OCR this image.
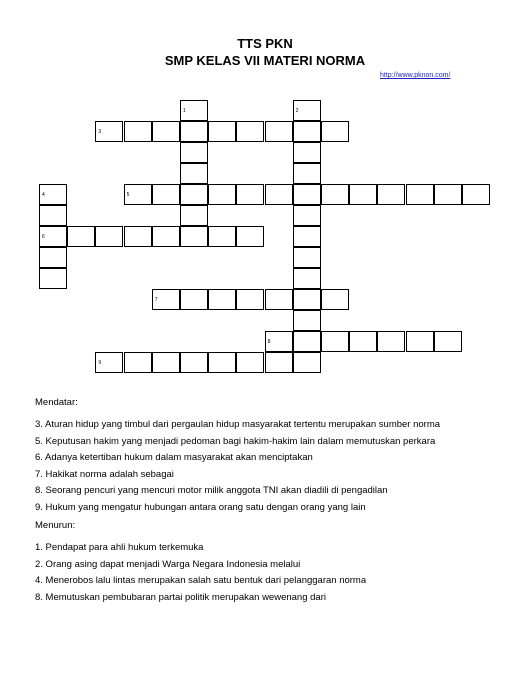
TTS PKN
SMP KELAS VII MATERI NORMA
http://www.pknon.com/
1	2
3
4
6
5
7
8
9
Mendatar:
3. Aturan hidup yang timbul dari pergaulan hidup masyarakat tertentu merupakan sumber norma
5. Keputusan hakim yang menjadi pedoman bagi hakim-hakim lain dalam memutuskan perkara
6. Adanya ketertiban hukum dalam masyarakat akan menciptakan
7. Hakikat norma adalah sebagai
8. Seorang pencuri yang mencuri motor milik anggota TNI akan diadili di pengadilan
9. Hukum yang mengatur hubungan antara orang satu dengan orang yang lain
Menurun:
1. Pendapat para ahli hukum terkemuka
2. Orang asing dapat menjadi Warga Negara Indonesia melalui
4. Menerobos lalu lintas merupakan salah satu bentuk dari pelanggaran norma
8. Memutuskan pembubaran partai politik merupakan wewenang dari
